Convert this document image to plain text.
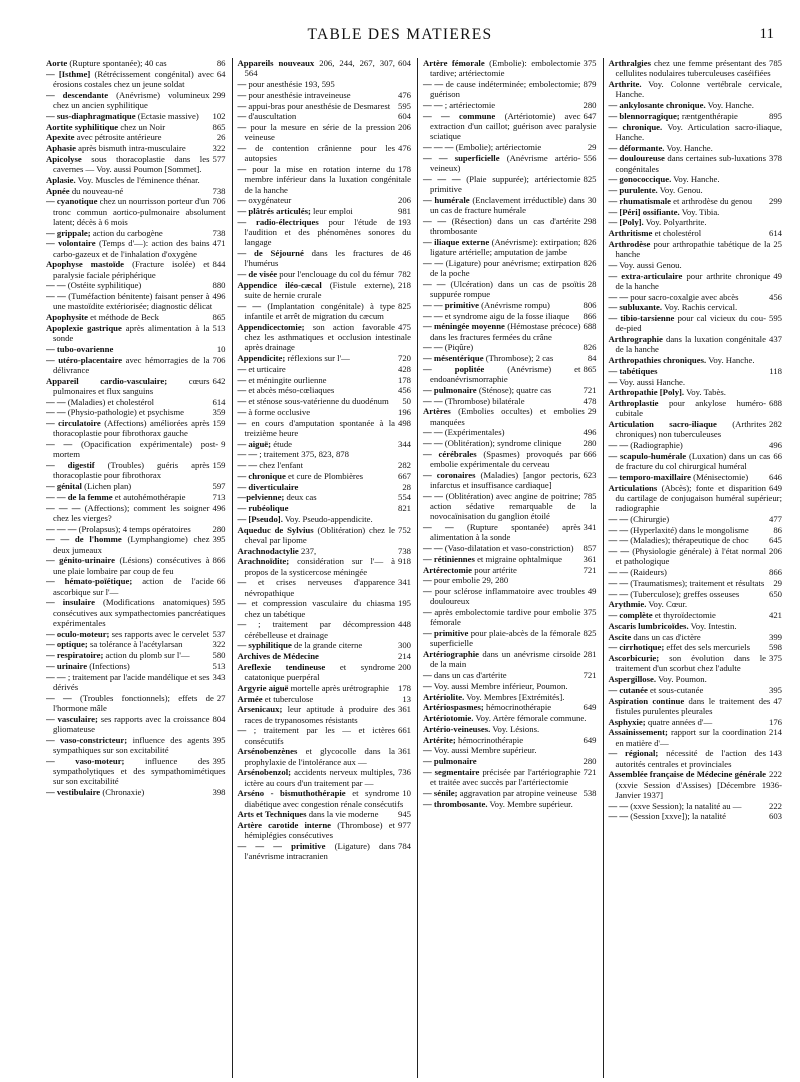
TABLE DES MATIERES	11

86
Aorte (Rupture spontanée); 40 cas

64
— [Isthme] (Rétrécissement congénital) avec érosions costales chez un jeune soldat

299
— descendante (Anévrisme) volumineux chez un ancien syphilitique

102
— sus-diaphragmatique (Ectasie massive)

865
Aortite syphilitique chez un Noir

26
Apexite avec pétrosite antérieure

322
Aphasie après bismuth intra-musculaire

577
Apicolyse sous thoracoplastie dans les cavernes — Voy. aussi Poumon [Sommet].

Aplasie. Voy. Muscles de l'éminence thénar.

738
Apnée du nouveau-né

706
— cyanotique chez un nourrisson porteur d'un tronc commun aortico-pulmonaire absolument latent; décès à 6 mois

738
— grippale; action du carbogène

471
— volontaire (Temps d'—): action des bains carbo-gazeux et de l'inhalation d'oxygène

844
Apophyse mastoïde (Fracture isolée) et paralysie faciale périphérique

880
— — (Ostéite syphilitique)

496
— — (Tuméfaction bénitente) faisant penser à une mastoïdite extériorisée; diagnostic délicat

865
Apophysite et méthode de Beck

513
Apoplexie gastrique après alimentation à la sonde

10
— tubo-ovarienne

706
— utéro-placentaire avec hémorragies de la délivrance

642
Appareil cardio-vasculaire; cœurs pulmonaires et flux sanguins

614
— — (Maladies) et cholestérol

359
— — (Physio-pathologie) et psychisme

159
— circulatoire (Affections) améliorées après thoracoplastie pour fibrothorax gauche

9
— — (Opacification expérimentale) post-mortem

159
— digestif (Troubles) guéris après thoracoplastie pour fibrothorax

597
— génital (Lichen plan)

713
— — de la femme et autohémothérapie

496
— — — (Affections); comment les soigner chez les vierges?

280
— — — (Prolapsus); 4 temps opératoires

395
— — de l'homme (Lymphangiome) chez deux jumeaux

866
— génito-urinaire (Lésions) consécutives à une plaie lombaire par coup de feu

66
— hémato-poïétique; action de l'acide ascorbique sur l'—

595
— insulaire (Modifications anatomiques) consécutives aux sympathectomies pancréatiques expérimentales

537
— oculo-moteur; ses rapports avec le cervelet

322
— optique; sa tolérance à l'acétylarsan

580
— respiratoire; action du plomb sur l'—

513
— urinaire (Infections)

343
— — ; traitement par l'acide mandélique et ses dérivés

27
— — (Troubles fonctionnels); effets de l'hormone mâle

804
— vasculaire; ses rapports avec la croissance gliomateuse

395
— vaso-constricteur; influence des agents sympathiques sur son excitabilité

395
— vaso-moteur; influence des sympatholytiques et des sympathomimétiques sur son excitabilité

398
— vestibulaire (Chronaxie)

604
Appareils nouveaux 206, 244, 267, 307, 564

— pour anesthésie 193, 595

476
— pour anesthésie intraveineuse

595
— appui-bras pour anesthésie de Desmarest

604
— d'auscultation

206
— pour la mesure en série de la pression veineuse

476
— de contention crânienne pour les autopsies

178
— pour la mise en rotation interne du membre inférieur dans la luxation congénitale de la hanche

206
— oxygénateur

981
— plâtrés articulés; leur emploi

193
— radio-électriques pour l'étude de l'audition et des phénomènes sonores du langage

46
— de Séjourné dans les fractures de l'humérus

782
— de visée pour l'enclouage du col du fémur

218
Appendice iléo-cæcal (Fistule externe), suite de hernie crurale

825
— — (Implantation congénitale) à type infantile et arrêt de migration du cæcum

475
Appendicectomie; son action favorable chez les asthmatiques et occlusion intestinale après drainage

720
Appendicite; réflexions sur l'—

428
— et urticaire

178
— et méningite ourlienne

456
— et abcès méso-cœliaques

50
— et sténose sous-vatérienne du duodénum

196
— à forme occlusive

498
— en cours d'amputation spontanée à la treizième heure

344
— aiguë; étude

— — ; traitement 375, 823, 878

282
— — chez l'enfant

667
— chronique et cure de Plombières

28
— diverticulaire

554
—pelvienne; deux cas

821
— rubéolique

— [Pseudo]. Voy. Pseudo-appendicite.

752
Aqueduc de Sylvius (Oblitération) chez le cheval par lipome

738
Arachnodactylie 237,

918
Arachnoïdite; considération sur l'— à propos de la systicercose méningée

341
— et crises nerveuses d'apparence névropathique

195
— et compression vasculaire du chiasma chez un tabétique

448
— ; traitement par décompression cérébelleuse et drainage

300
— syphilitique de la grande citerne

214
Archives de Médecine

200
Areflexie tendineuse et syndrome catatonique puerpéral

178
Argyrie aiguë mortelle après urétrographie

13
Armée et tuberculose

361
Arsenicaux; leur aptitude à produire des races de trypanosomes résistants

661
— ; traitement par les — et ictères consécutifs

361
Arsénobenzènes et glycocolle dans la prophylaxie de l'intolérance aux —

736
Arsénobenzol; accidents nerveux multiples, ictère au cours d'un traitement par —

10
Arséno - bismuthothérapie et syndrome diabétique avec congestion rénale consécutifs

945
Arts et Techniques dans la vie moderne

977
Artère carotide interne (Thrombose) et hémiplégies consécutives

784
— — — primitive (Ligature) dans l'anévrisme intracranien

375
Artère fémorale (Embolie): embolectomie tardive; artériectomie

879
— — de cause indéterminée; embolectomie; guérison

280
— — ; artériectomie

647
— — commune (Artériotomie) avec extraction d'un caillot; guérison avec paralysie sciatique

29
— — — (Embolie); artériectomie

556
— — superficielle (Anévrisme artério-veineux)

825
— — — (Plaie suppurée); artériectomie primitive

30
— humérale (Enclavement irréductible) dans un cas de fracture humérale

298
— — (Résection) dans un cas d'artérite thrombosante

826
— iliaque externe (Anévrisme): extirpation; ligature artérielle; amputation de jambe

826
— — (Ligature) pour anévrisme; extirpation de la poche

28
— — (Ulcération) dans un cas de psoïtis suppurée rompue

806
— — primitive (Anévrisme rompu)

866
— — et syndrome aigu de la fosse iliaque

688
— méningée moyenne (Hémostase précoce) dans les fractures fermées du crâne

826
— — (Piqûre)

84
— mésentérique (Thrombose); 2 cas

865
— poplitée	(Anévrisme) et endoanévrismorraphie

721
— pulmonaire (Sténose); quatre cas

478
— — (Thrombose) bilatérale

29
Artères (Embolies occultes) et embolies manquées

496
— — (Expérimentales)

280
— — (Oblitération); syndrome clinique

666
— cérébrales (Spasmes) provoqués par embolie expérimentale du cerveau

623
— coronaires (Maladies) [angor pectoris, infarctus et insuffisance cardiaque]

785
— — (Oblitération) avec angine de poitrine; action sédative remarquable de la novocaïnisation du ganglion étoilé

341
— — (Rupture spontanée) après alimentation à la sonde

857
— — (Vaso-dilatation et vaso-constriction)

361
— rétiniennes et migraine ophtalmique

721
Artérectomie pour artérite

— pour embolie 29, 280

49
— pour sclérose inflammatoire avec troubles douloureux

375
— après embolectomie tardive pour embolie fémorale

825
— primitive pour plaie-abcès de la fémorale superficielle

281
Artériographie dans un anévrisme cirsoïde de la main

721
— dans un cas d'artérite

— Voy. aussi Membre inférieur, Poumon.

Artériolite. Voy. Membres [Extrémités].

649
Artériospasmes; hémocrinothérapie

Artériotomie. Voy. Artère fémorale commune.

Artério-veineuses. Voy. Lésions.

649
Artérite; hémocrinothérapie

— Voy. aussi Membre supérieur.

280
— pulmonaire

721
— segmentaire précisée par l'artériographie et traitée avec succès par l'artériectomie

538
— sénile; aggravation par atropine veineuse

— thrombosante. Voy. Membre supérieur.

785
Arthralgies chez une femme présentant des cellulites nodulaires tuberculeuses caséifiées

Arthrite. Voy. Colonne vertébrale cervicale, Hanche.

— ankylosante chronique. Voy. Hanche.

895
— blennorragique; ræntgenthérapie

— chronique. Voy. Articulation sacro-iliaque, Hanche.

— déformante. Voy. Hanche.

378
— douloureuse dans certaines sub-luxations congénitales

— gonococcique. Voy. Hanche.

— purulente. Voy. Genou.

299
— rhumatismale et arthrodèse du genou

— [Péri] ossifiante. Voy. Tibia.

— [Poly]. Voy. Polyarthrite.

614
Arthritisme et cholestérol

25
Arthrodèse pour arthropathie tabétique de la hanche

— Voy. aussi Genou.

49
— extra-articulaire pour arthrite chronique de la hanche

456
— — pour sacro-coxalgie avec abcès

— subluxante. Voy. Rachis cervical.

595
— tibio-tarsienne pour cal vicieux du cou-de-pied

437
Arthrographie dans la luxation congénitale de la hanche

Arthropathies chroniques. Voy. Hanche.

118
— tabétiques

— Voy. aussi Hanche.

Arthropathie [Poly]. Voy. Tabès.

688
Arthroplastie pour ankylose huméro-cubitale

282
Articulation sacro-iliaque (Arthrites chroniques) non tuberculeuses

496
— — (Radiographie)

66
— scapulo-humérale (Luxation) dans un cas de fracture du col chirurgical huméral

646
— temporo-maxillaire (Ménisectomie)

649
Articulations (Abcès); fonte et disparition du cartilage de conjugaison huméral supérieur; radiographie

477
— — (Chirurgie)

86
— — (Hyperlaxité) dans le mongolisme

645
— — (Maladies); thérapeutique de choc

206
— — (Physiologie générale) à l'état normal et pathologique

866
— — (Raideurs)

29
— — (Traumatismes); traitement et résultats

650
— — (Tuberculose); greffes osseuses

Arythmie. Voy. Cœur.

421
— complète et thyroïdectomie

Ascaris lumbricoïdes. Voy. Intestin.

399
Ascite dans un cas d'ictère

598
— cirrhotique; effet des sels mercuriels

375
Ascorbicurie; son évolution dans le traitement d'un scorbut chez l'adulte

Aspergillose. Voy. Poumon.

395
— cutanée et sous-cutanée

47
Aspiration continue dans le traitement des fistules purulentes pleurales

176
Asphyxie; quatre années d'—

214
Assainissement; rapport sur la coordination en matière d'—

143
— régional; nécessité de l'action des autorités centrales et provinciales

222
Assemblée française de Médecine générale (xxvie Session d'Assises) [Décembre 1936-Janvier 1937]

222
— — (xxve Session); la natalité au —

603
— — (Session [xxve]); la natalité
